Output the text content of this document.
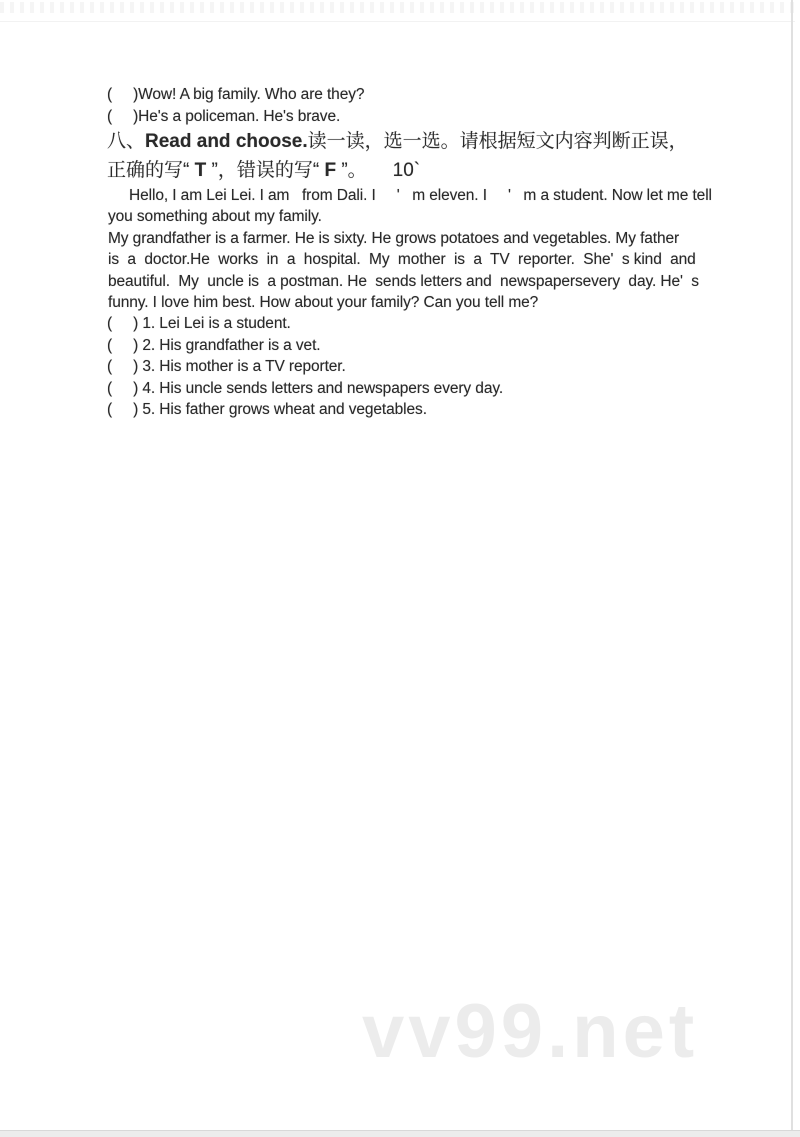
(     )Wow! A big family. Who are they?
(     )He's a policeman. He's brave.
八、Read and choose.读一读，选一选。请根据短文内容判断正误，
正确的写“ T ”，错误的写“ F ”。 10`
Hello, I am Lei Lei. I am   from Dali. I     '   m eleven. I     '   m a student. Now let me tell
you something about my family.
My grandfather is a farmer. He is sixty. He grows potatoes and vegetables. My father
is  a  doctor.He  works  in  a  hospital.  My  mother  is  a  TV  reporter.  She'  s kind  and
beautiful.  My  uncle is  a postman. He  sends letters and  newspapersevery  day. He'  s
funny. I love him best. How about your family? Can you tell me?
(     ) 1. Lei Lei is a student.
(     ) 2. His grandfather is a vet.
(     ) 3. His mother is a TV reporter.
(     ) 4. His uncle sends letters and newspapers every day.
(     ) 5. His father grows wheat and vegetables.
vv99.net
